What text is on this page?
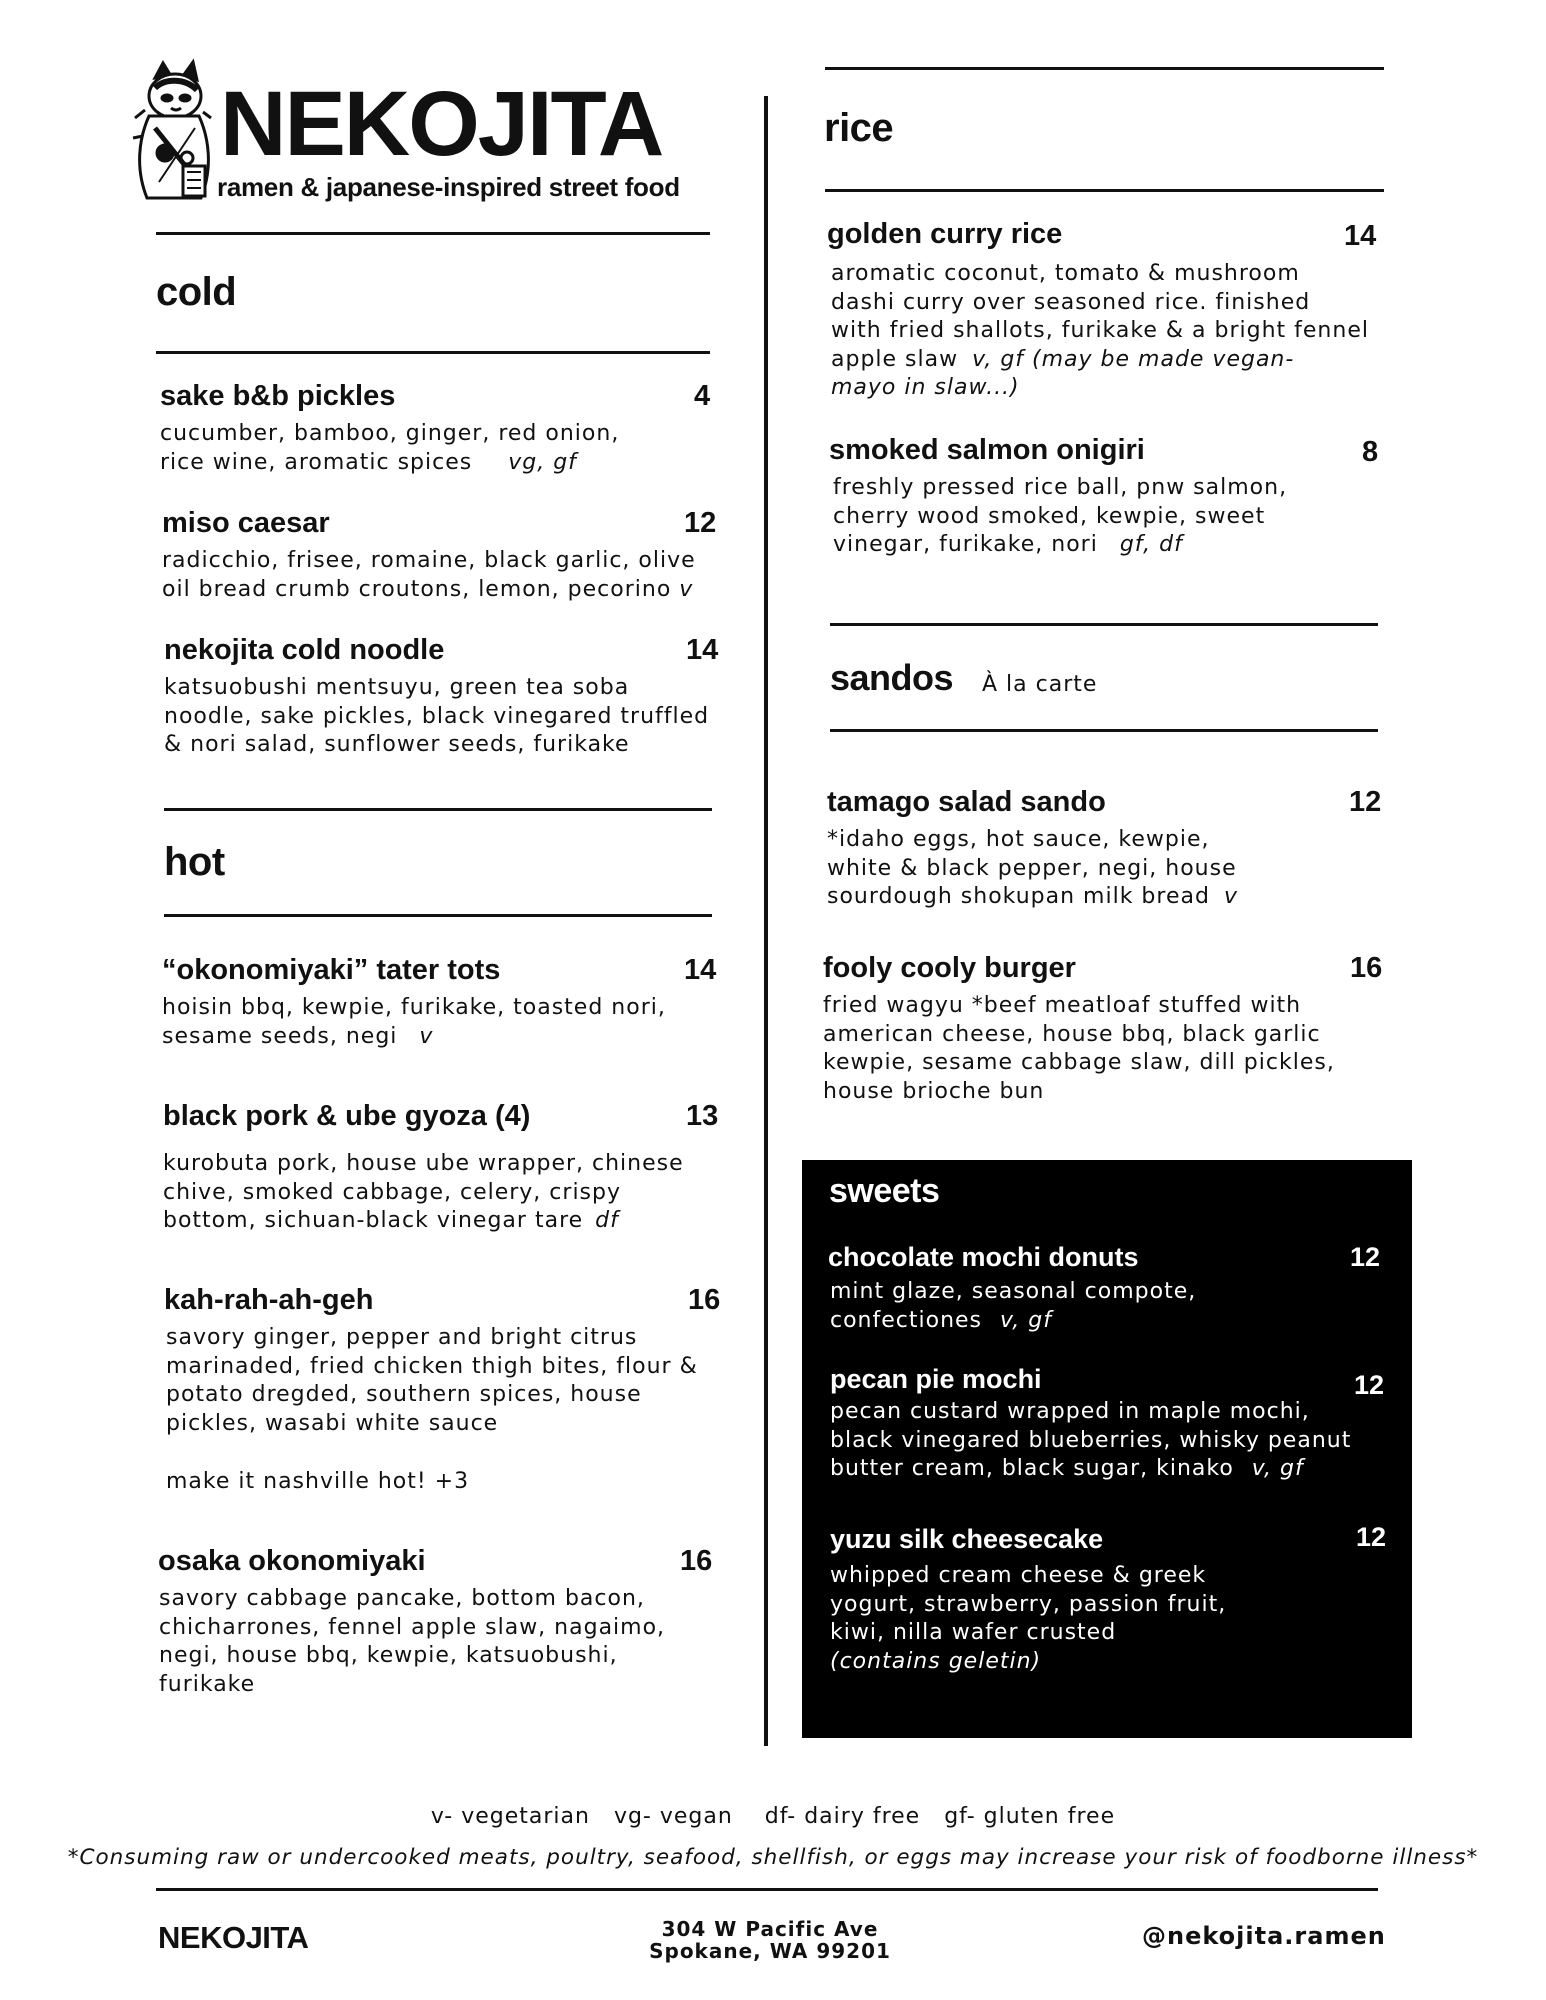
NEKOJITA
ramen & japanese-inspired street food
cold
sake b&b pickles	4
cucumber, bamboo, ginger, red onion,
rice wine, aromatic spices vg, gf
miso caesar	12
radicchio, frisee, romaine, black garlic, olive
oil bread crumb croutons, lemon, pecorino v
nekojita cold noodle	14
katsuobushi mentsuyu, green tea soba
noodle, sake pickles, black vinegared truffled
& nori salad, sunflower seeds, furikake
hot
“okonomiyaki” tater tots	14
hoisin bbq, kewpie, furikake, toasted nori,
sesame seeds, negi v
black pork & ube gyoza (4)	13
kurobuta pork, house ube wrapper, chinese
chive, smoked cabbage, celery, crispy
bottom, sichuan-black vinegar tare df
kah-rah-ah-geh	16
savory ginger, pepper and bright citrus
marinaded, fried chicken thigh bites, flour &
potato dregded, southern spices, house
pickles, wasabi white sauce
make it nashville hot! +3
osaka okonomiyaki	16
savory cabbage pancake, bottom bacon,
chicharrones, fennel apple slaw, nagaimo,
negi, house bbq, kewpie, katsuobushi,
furikake
rice
golden curry rice	14
aromatic coconut, tomato & mushroom
dashi curry over seasoned rice. finished
with fried shallots, furikake & a bright fennel
apple slaw v, gf (may be made vegan-
mayo in slaw...)
smoked salmon onigiri	8
freshly pressed rice ball, pnw salmon,
cherry wood smoked, kewpie, sweet
vinegar, furikake, nori gf, df
sandos À la carte
tamago salad sando	12
*idaho eggs, hot sauce, kewpie,
white & black pepper, negi, house
sourdough shokupan milk bread v
fooly cooly burger	16
fried wagyu *beef meatloaf stuffed with
american cheese, house bbq, black garlic
kewpie, sesame cabbage slaw, dill pickles,
house brioche bun
sweets
chocolate mochi donuts	12
mint glaze, seasonal compote,
confectiones v, gf
pecan pie mochi	12
pecan custard wrapped in maple mochi,
black vinegared blueberries, whisky peanut
butter cream, black sugar, kinako v, gf
yuzu silk cheesecake	12
whipped cream cheese & greek
yogurt, strawberry, passion fruit,
kiwi, nilla wafer crusted
(contains geletin)
v- vegetarian   vg- vegan    df- dairy free   gf- gluten free
*Consuming raw or undercooked meats, poultry, seafood, shellfish, or eggs may increase your risk of foodborne illness*
NEKOJITA	304 W Pacific Ave
Spokane, WA 99201
@nekojita.ramen
